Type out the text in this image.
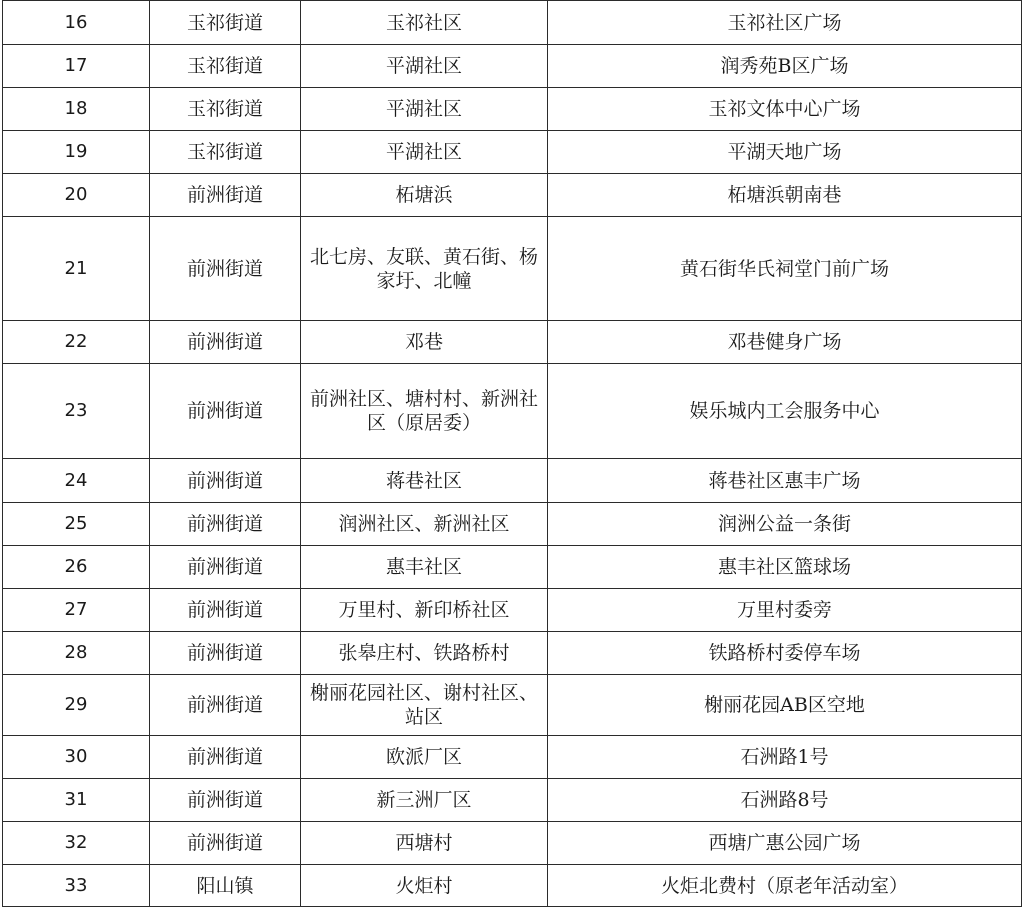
16	玉祁街道	玉祁社区	玉祁社区广场
17	玉祁街道	平湖社区	润秀苑B区广场
18	玉祁街道	平湖社区	玉祁文体中心广场
19	玉祁街道	平湖社区	平湖天地广场
20	前洲街道	柘塘浜	柘塘浜朝南巷
21	前洲街道	北七房、友联、黄石街、杨家圩、北幢	黄石街华氏祠堂门前广场
22	前洲街道	邓巷	邓巷健身广场
23	前洲街道	前洲社区、塘村村、新洲社区（原居委）	娱乐城内工会服务中心
24	前洲街道	蒋巷社区	蒋巷社区惠丰广场
25	前洲街道	润洲社区、新洲社区	润洲公益一条街
26	前洲街道	惠丰社区	惠丰社区篮球场
27	前洲街道	万里村、新印桥社区	万里村委旁
28	前洲街道	张皋庄村、铁路桥村	铁路桥村委停车场
29	前洲街道	榭丽花园社区、谢村社区、站区	榭丽花园AB区空地
30	前洲街道	欧派厂区	石洲路1号
31	前洲街道	新三洲厂区	石洲路8号
32	前洲街道	西塘村	西塘广惠公园广场
33	阳山镇	火炬村	火炬北费村（原老年活动室）
